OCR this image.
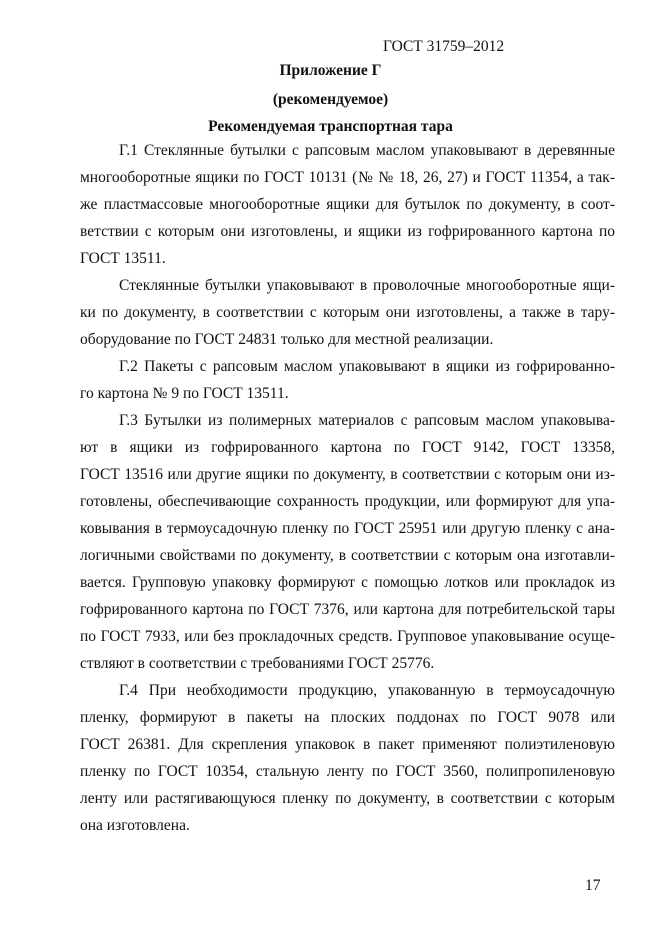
ГОСТ 31759–2012
Приложение Г
(рекомендуемое)
Рекомендуемая транспортная тара
Г.1 Стеклянные бутылки с рапсовым маслом упаковывают в деревянные
многооборотные ящики по ГОСТ 10131 (№ № 18, 26, 27) и ГОСТ 11354, а так-
же пластмассовые многооборотные ящики для бутылок по документу, в соот-
ветствии с которым они изготовлены, и ящики из гофрированного картона по
ГОСТ 13511.
Стеклянные бутылки упаковывают в проволочные многооборотные ящи-
ки по документу, в соответствии с которым они изготовлены, а также в тару-
оборудование по ГОСТ 24831 только для местной реализации.
Г.2 Пакеты с рапсовым маслом упаковывают в ящики из гофрированно-
го картона № 9 по ГОСТ 13511.
Г.3 Бутылки из полимерных материалов с рапсовым маслом упаковыва-
ют в ящики из гофрированного картона по ГОСТ 9142, ГОСТ 13358,
ГОСТ 13516 или другие ящики по документу, в соответствии с которым они из-
готовлены, обеспечивающие сохранность продукции, или формируют для упа-
ковывания в термоусадочную пленку по ГОСТ 25951 или другую пленку с ана-
логичными свойствами по документу, в соответствии с которым она изготавли-
вается. Групповую упаковку формируют с помощью лотков или прокладок из
гофрированного картона по ГОСТ 7376, или картона для потребительской тары
по ГОСТ 7933, или без прокладочных средств. Групповое упаковывание осуще-
ствляют в соответствии с требованиями ГОСТ 25776.
Г.4 При необходимости продукцию, упакованную в термоусадочную
пленку, формируют в пакеты на плоских поддонах по ГОСТ 9078 или
ГОСТ 26381. Для скрепления упаковок в пакет применяют полиэтиленовую
пленку по ГОСТ 10354, стальную ленту по ГОСТ 3560, полипропиленовую
ленту или растягивающуюся пленку по документу, в соответствии с которым
она изготовлена.
17
